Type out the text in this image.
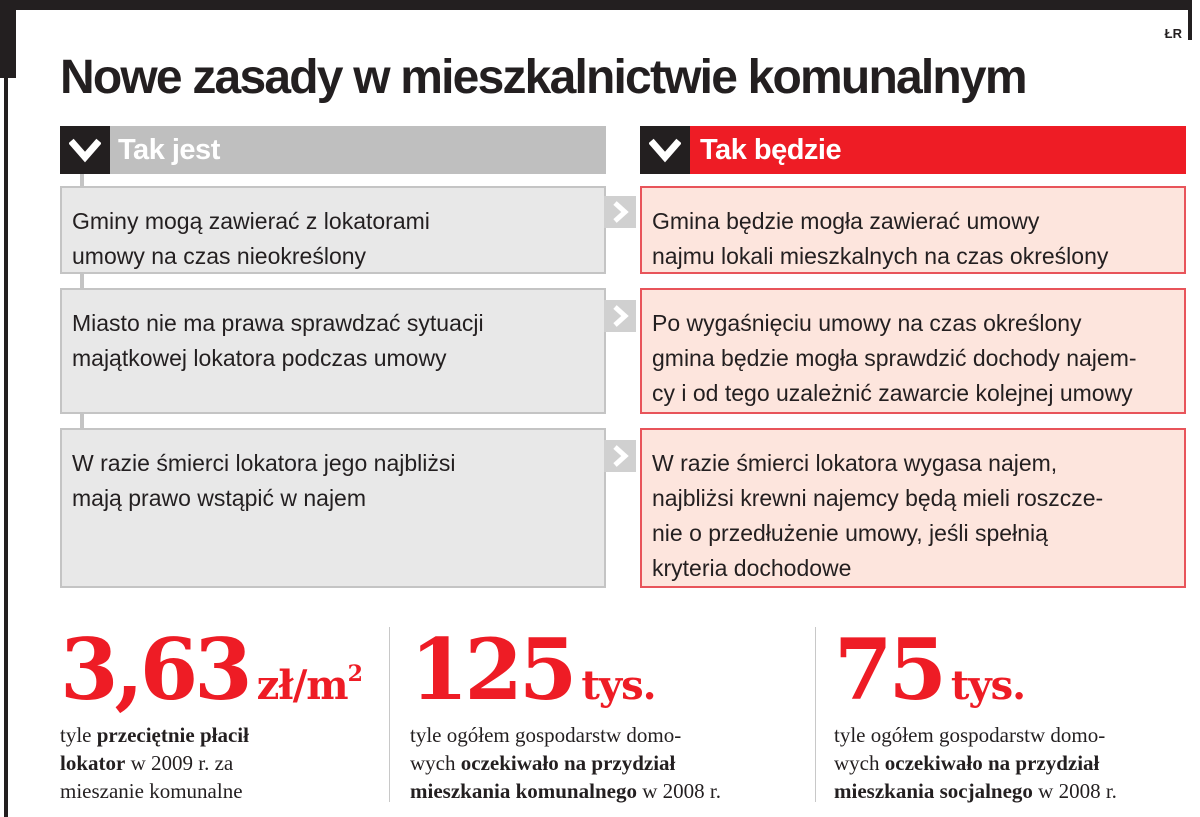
ŁR
Nowe zasady w mieszkalnictwie komunalnym
Tak jest	Tak będzie
Gminy mogą zawierać z lokatorami
umowy na czas nieokreślony
Gmina będzie mogła zawierać umowy
najmu lokali mieszkalnych na czas określony
Miasto nie ma prawa sprawdzać sytuacji
majątkowej lokatora podczas umowy
Po wygaśnięciu umowy na czas określony
gmina będzie mogła sprawdzić dochody najem-
cy i od tego uzależnić zawarcie kolejnej umowy
W razie śmierci lokatora jego najbliżsi
mają prawo wstąpić w najem
W razie śmierci lokatora wygasa najem,
najbliżsi krewni najemcy będą mieli roszcze-
nie o przedłużenie umowy, jeśli spełnią
kryteria dochodowe
3,63 $zł/m^2$
tyle przeciętnie płacił
lokator w 2009 r. za
mieszanie komunalne
125 tys.
tyle ogółem gospodarstw domo-
wych oczekiwało na przydział
mieszkania komunalnego w 2008 r.
75 tys.
tyle ogółem gospodarstw domo-
wych oczekiwało na przydział
mieszkania socjalnego w 2008 r.
